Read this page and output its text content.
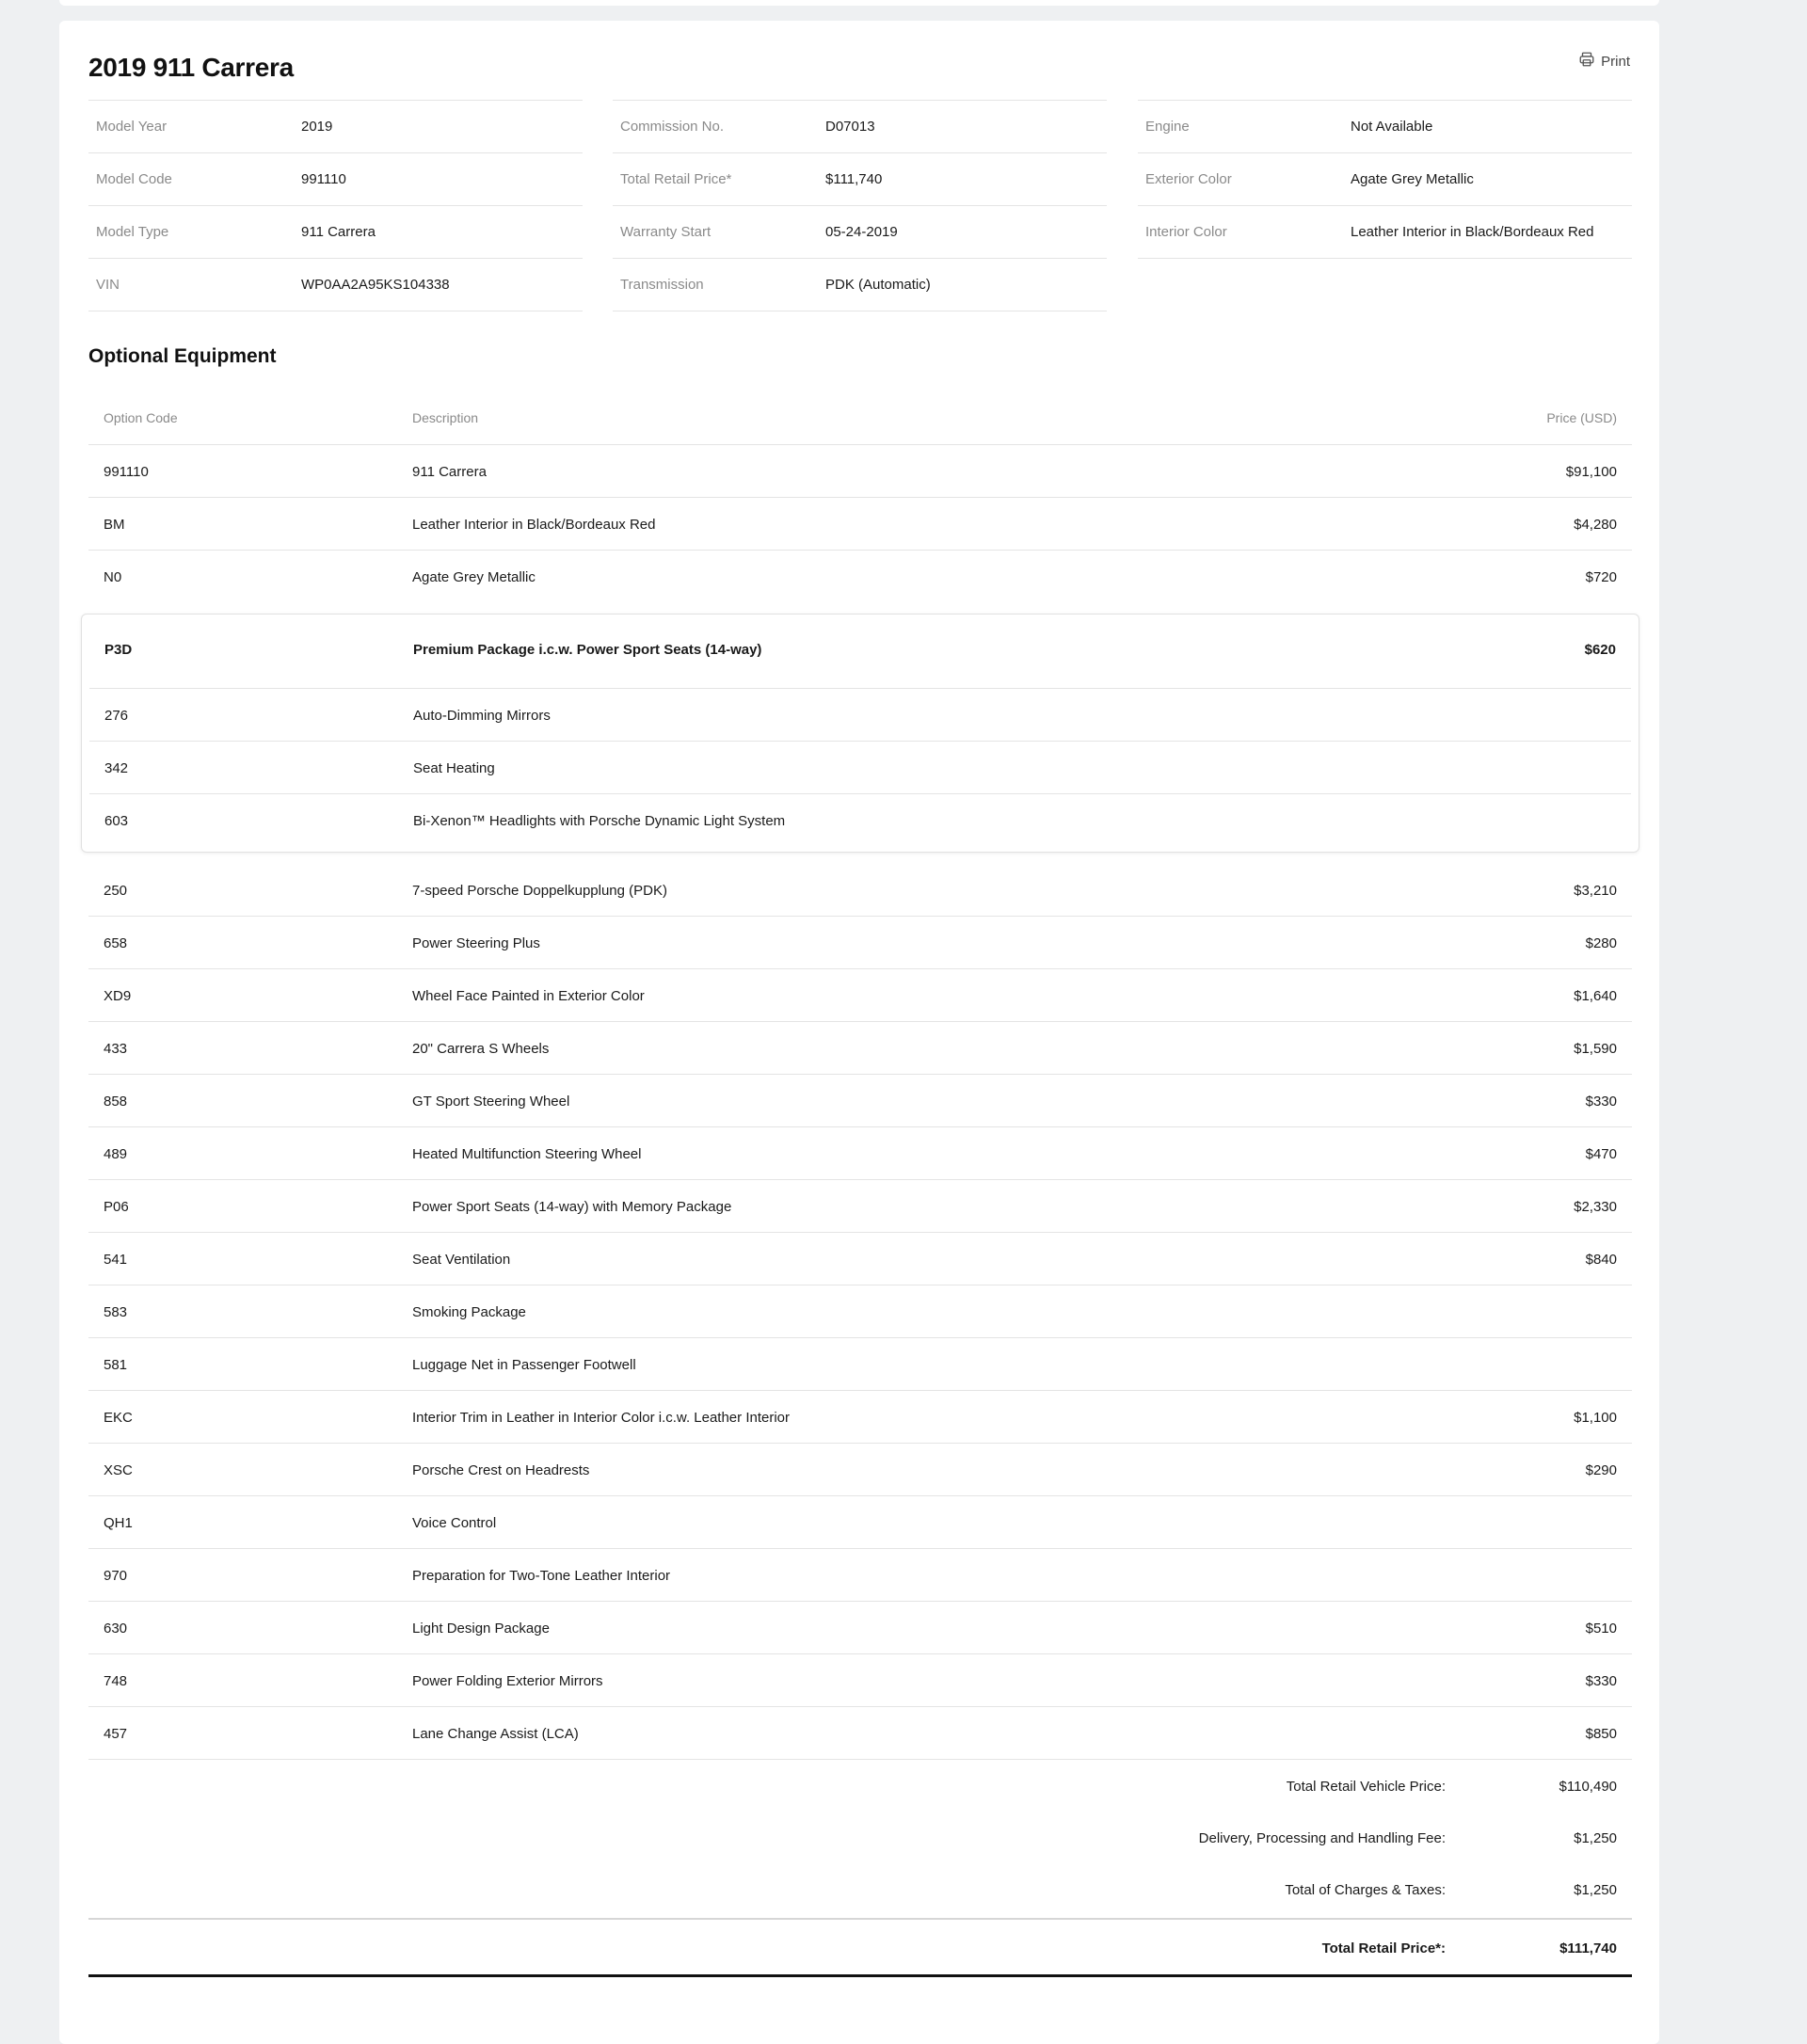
2019 911 Carrera	Print
Model Year	2019
Model Code	991110
Model Type	911 Carrera
VIN	WP0AA2A95KS104338
Commission No.	D07013
Total Retail Price*	$111,740
Warranty Start	05-24-2019
Transmission	PDK (Automatic)
Engine	Not Available
Exterior Color	Agate Grey Metallic
Interior Color	Leather Interior in Black/Bordeaux Red
Optional Equipment
Option Code	Description	Price (USD)
991110	911 Carrera	$91,100
BM	Leather Interior in Black/Bordeaux Red	$4,280
N0	Agate Grey Metallic	$720
P3D	Premium Package i.c.w. Power Sport Seats (14-way)	$620
276	Auto-Dimming Mirrors
342	Seat Heating
603	Bi-Xenon™ Headlights with Porsche Dynamic Light System
250	7-speed Porsche Doppelkupplung (PDK)	$3,210
658	Power Steering Plus	$280
XD9	Wheel Face Painted in Exterior Color	$1,640
433	20" Carrera S Wheels	$1,590
858	GT Sport Steering Wheel	$330
489	Heated Multifunction Steering Wheel	$470
P06	Power Sport Seats (14-way) with Memory Package	$2,330
541	Seat Ventilation	$840
583	Smoking Package
581	Luggage Net in Passenger Footwell
EKC	Interior Trim in Leather in Interior Color i.c.w. Leather Interior	$1,100
XSC	Porsche Crest on Headrests	$290
QH1	Voice Control
970	Preparation for Two-Tone Leather Interior
630	Light Design Package	$510
748	Power Folding Exterior Mirrors	$330
457	Lane Change Assist (LCA)	$850
Total Retail Vehicle Price:	$110,490
Delivery, Processing and Handling Fee:	$1,250
Total of Charges & Taxes:	$1,250
Total Retail Price*:	$111,740
